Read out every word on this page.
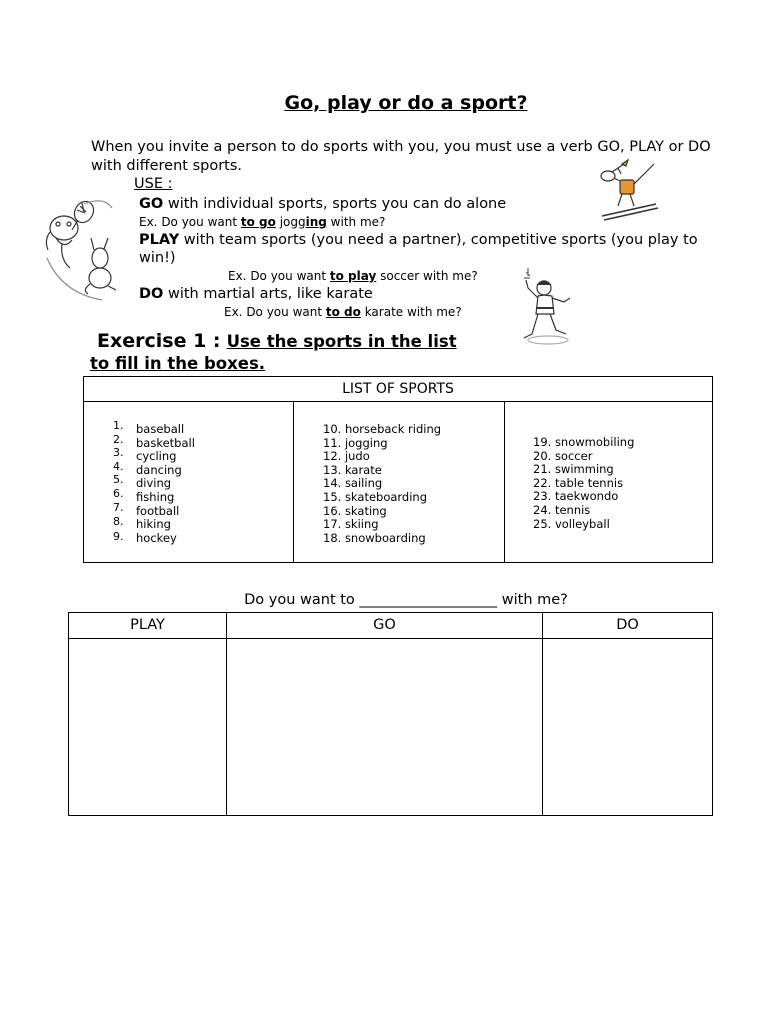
Go, play or do a sport?
When you invite a person to do sports with you, you must use a verb GO, PLAY or DO with different sports.
USE :
GO with individual sports, sports you can do alone
Ex. Do you want to go jogging with me?
PLAY with team sports (you need a partner), competitive sports (you play to win!)
Ex. Do you want to play soccer with me?
DO with martial arts, like karate
Ex. Do you want to do karate with me?
Exercise 1 : Use the sports in the list
to fill in the boxes.
LIST OF SPORTS
1. baseball
2. basketball
3. cycling
4. dancing
5. diving
6. fishing
7. football
8. hiking
9. hockey
10. horseback riding
11. jogging
12. judo
13. karate
14. sailing
15. skateboarding
16. skating
17. skiing
18. snowboarding
19. snowmobiling
20. soccer
21. swimming
22. table tennis
23. taekwondo
24. tennis
25. volleyball
Do you want to ___________________ with me?
PLAY	GO	DO
